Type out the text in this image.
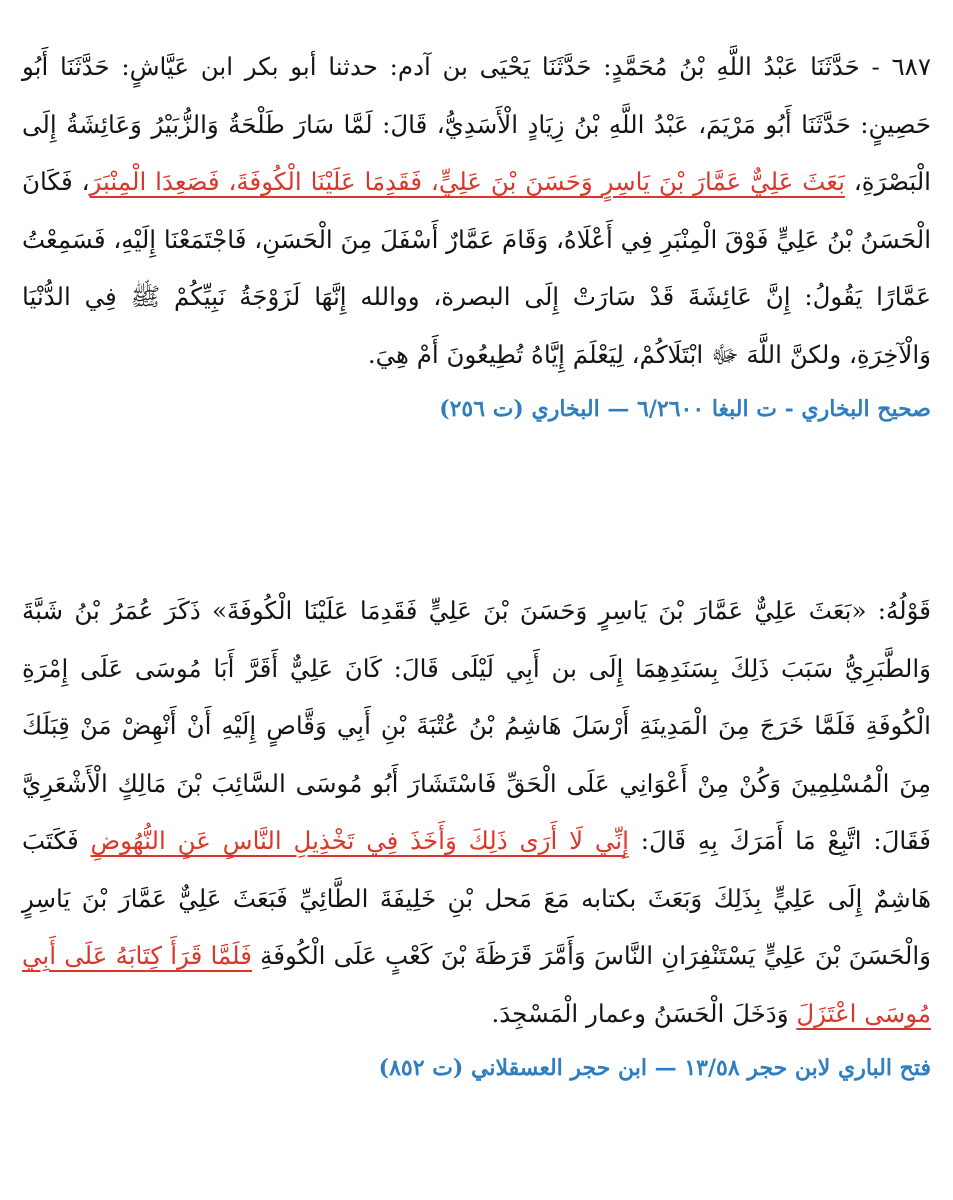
٦٨٧ - حَدَّثَنَا عَبْدُ اللَّهِ بْنُ مُحَمَّدٍ: حَدَّثَنَا يَحْيَى بن آدم: حدثنا أبو بكر ابن عَيَّاشٍ: حَدَّثَنَا أَبُو حَصِينٍ: حَدَّثَنَا أَبُو مَرْيَمَ، عَبْدُ اللَّهِ بْنُ زِيَادٍ الْأَسَدِيُّ، قَالَ: لَمَّا سَارَ طَلْحَةُ وَالزُّبَيْرُ وَعَائِشَةُ إِلَى الْبَصْرَةِ، بَعَثَ عَلِيٌّ عَمَّارَ بْنَ يَاسِرٍ وَحَسَنَ بْنَ عَلِيٍّ، فَقَدِمَا عَلَيْنَا الْكُوفَةَ، فَصَعِدَا الْمِنْبَرَ، فَكَانَ الْحَسَنُ بْنُ عَلِيٍّ فَوْقَ الْمِنْبَرِ فِي أَعْلَاهُ، وَقَامَ عَمَّارٌ أَسْفَلَ مِنَ الْحَسَنِ، فَاجْتَمَعْنَا إِلَيْهِ، فَسَمِعْتُ عَمَّارًا يَقُولُ: إِنَّ عَائِشَةَ قَدْ سَارَتْ إِلَى البصرة، ووالله إِنَّهَا لَزَوْجَةُ نَبِيِّكُمْ ﷺ فِي الدُّنْيَا وَالْآخِرَةِ، ولكنَّ اللَّهَ ﷻ ابْتَلَاكُمْ، لِيَعْلَمَ إِيَّاهُ تُطِيعُونَ أَمْ هِيَ.

صحيح البخاري - ت البغا ٦/٢٦٠٠ — البخاري (ت ٢٥٦)

قَوْلُهُ: «بَعَثَ عَلِيٌّ عَمَّارَ بْنَ يَاسِرٍ وَحَسَنَ بْنَ عَلِيٍّ فَقَدِمَا عَلَيْنَا الْكُوفَةَ» ذَكَرَ عُمَرُ بْنُ شَبَّةَ وَالطَّبَرِيُّ سَبَبَ ذَلِكَ بِسَنَدِهِمَا إِلَى بن أَبِي لَيْلَى قَالَ: كَانَ عَلِيٌّ أَقَرَّ أَبَا مُوسَى عَلَى إِمْرَةِ الْكُوفَةِ فَلَمَّا خَرَجَ مِنَ الْمَدِينَةِ أَرْسَلَ هَاشِمُ بْنُ عُتْبَةَ بْنِ أَبِي وَقَّاصٍ إِلَيْهِ أَنْ أَنْهِضْ مَنْ قِبَلَكَ مِنَ الْمُسْلِمِينَ وَكُنْ مِنْ أَعْوَانِي عَلَى الْحَقِّ فَاسْتَشَارَ أَبُو مُوسَى السَّائِبَ بْنَ مَالِكٍ الْأَشْعَرِيَّ فَقَالَ: اتَّبِعْ مَا أَمَرَكَ بِهِ قَالَ: إِنِّي لَا أَرَى ذَلِكَ وَأَخَذَ فِي تَخْذِيلِ النَّاسِ عَنِ النُّهُوضِ فَكَتَبَ هَاشِمٌ إِلَى عَلِيٍّ بِذَلِكَ وَبَعَثَ بكتابه مَعَ مَحل بْنِ خَلِيفَةَ الطَّائِيِّ فَبَعَثَ عَلِيٌّ عَمَّارَ بْنَ يَاسِرٍ وَالْحَسَنَ بْنَ عَلِيٍّ يَسْتَنْفِرَانِ النَّاسَ وَأَمَّرَ قَرَظَةَ بْنَ كَعْبٍ عَلَى الْكُوفَةِ فَلَمَّا قَرَأَ كِتَابَهُ عَلَى أَبِي مُوسَى اعْتَزَلَ وَدَخَلَ الْحَسَنُ وعمار الْمَسْجِدَ.

فتح الباري لابن حجر ١٣/٥٨ — ابن حجر العسقلاني (ت ٨٥٢)
